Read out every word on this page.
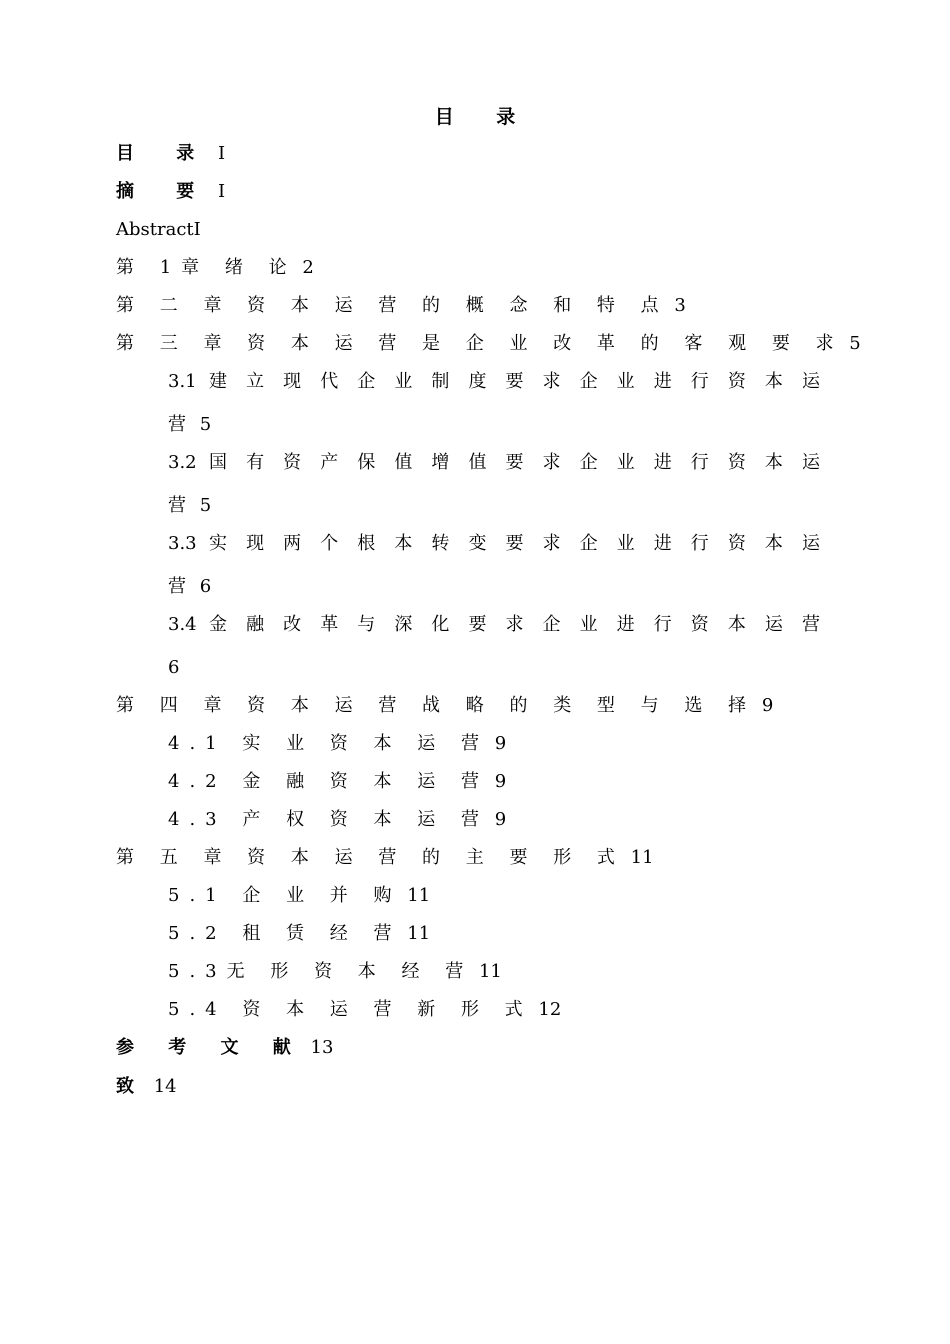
目 录
目 录 I
摘 要 I
AbstractI
第 1章 绪 论 2
第 二 章 资 本 运 营 的 概 念 和 特 点 3
第 三 章 资 本 运 营 是 企 业 改 革 的 客 观 要 求 5
3.1 建 立 现 代 企 业 制 度 要 求 企 业 进 行 资 本 运
营 5
3.2 国 有 资 产 保 值 增 值 要 求 企 业 进 行 资 本 运
营 5
3.3 实 现 两 个 根 本 转 变 要 求 企 业 进 行 资 本 运
营 6
3.4 金 融 改 革 与 深 化 要 求 企 业 进 行 资 本 运 营
6
第 四 章 资 本 运 营 战 略 的 类 型 与 选 择 9
4.1 实 业 资 本 运 营 9
4.2 金 融 资 本 运 营 9
4.3 产 权 资 本 运 营 9
第 五 章 资 本 运 营 的 主 要 形 式 11
5.1 企 业 并 购 11
5.2 租 赁 经 营 11
5.3无 形 资 本 经 营 11
5.4 资 本 运 营 新 形 式 12
参 考 文 献 13
致 14
